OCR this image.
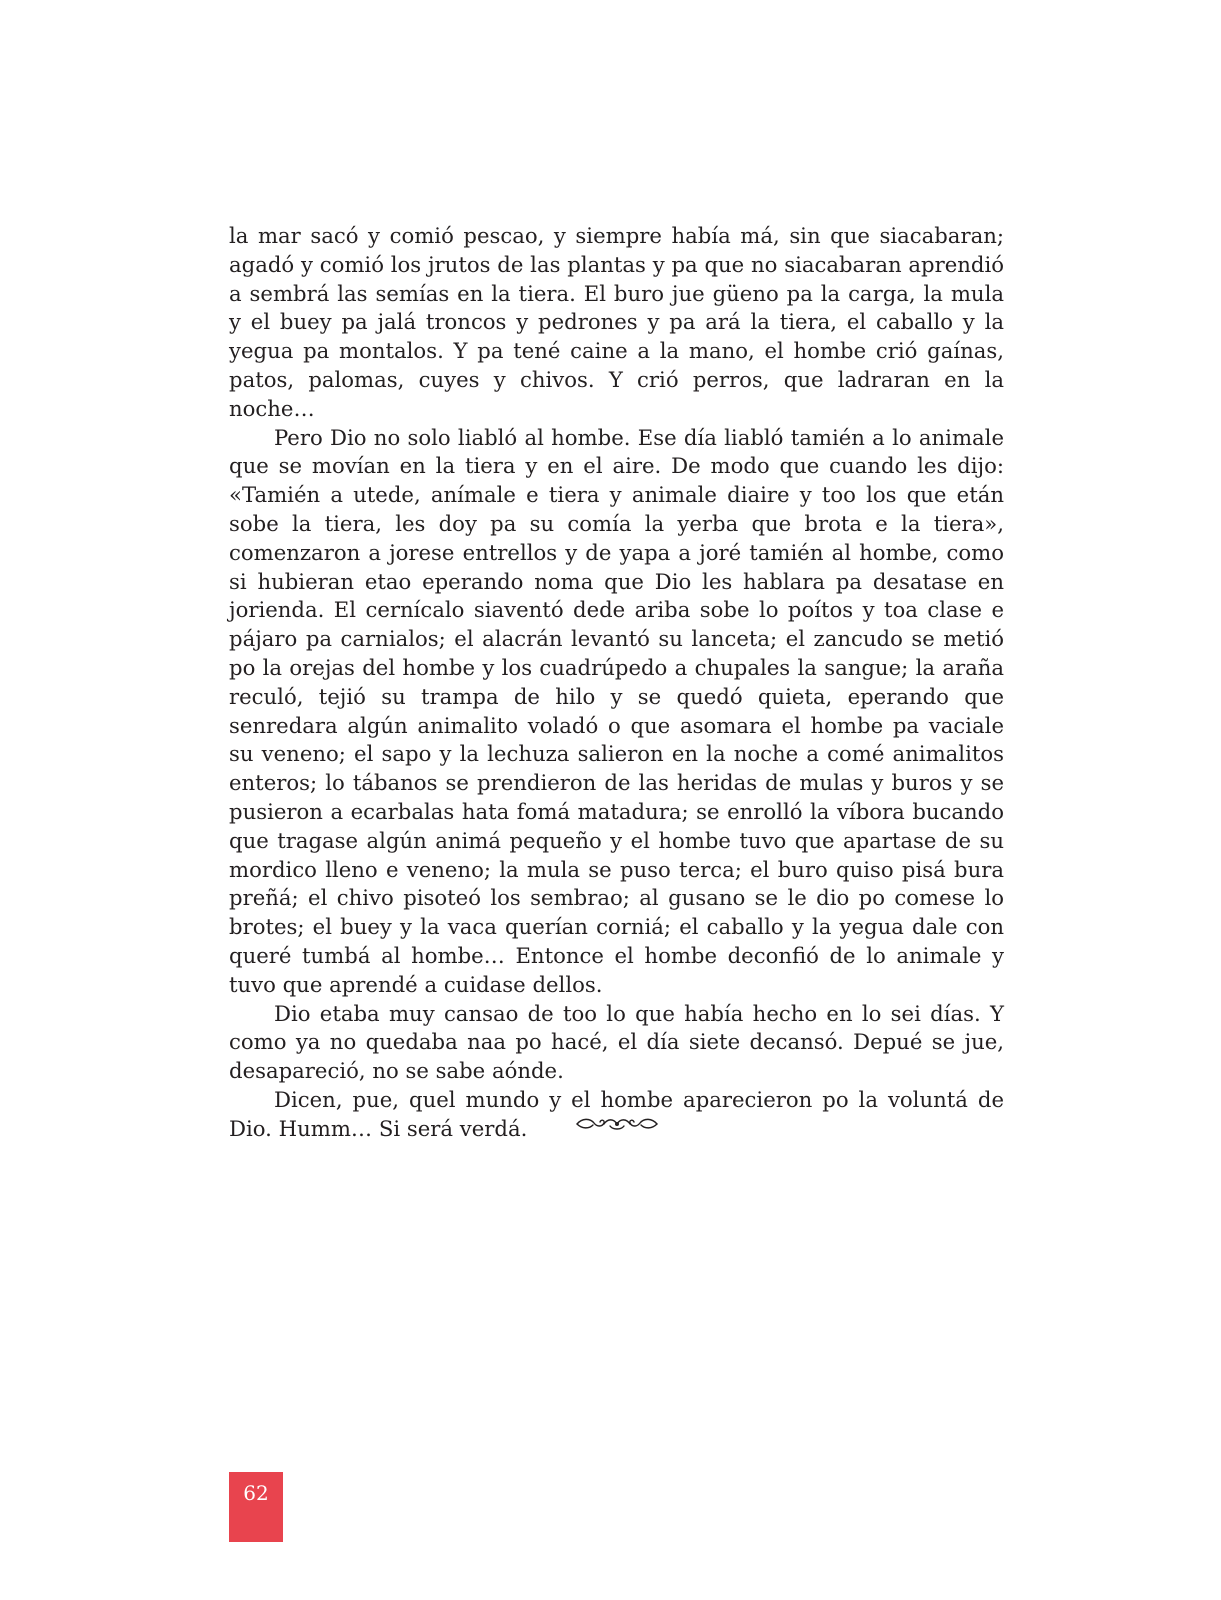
la mar sacó y comió pescao, y siempre había má, sin que siacabaran; agadó y comió los jrutos de las plantas y pa que no siacabaran aprendió a sembrá las semías en la tiera. El buro jue güeno pa la carga, la mula y el buey pa jalá troncos y pedrones y pa ará la tiera, el caballo y la yegua pa montalos. Y pa tené caine a la mano, el hombe crió gaínas, patos, palomas, cuyes y chivos. Y crió perros, que ladraran en la noche…

Pero Dio no solo liabló al hombe. Ese día liabló tamién a lo animale que se movían en la tiera y en el aire. De modo que cuando les dijo: «Tamién a utede, anímale e tiera y animale diaire y too los que etán sobe la tiera, les doy pa su comía la yerba que brota e la tiera», comenzaron a jorese entrellos y de yapa a joré tamién al hombe, como si hubieran etao eperando noma que Dio les hablara pa desatase en jorienda. El cernícalo siaventó dede ariba sobe lo poítos y toa clase e pájaro pa carnialos; el alacrán levantó su lanceta; el zancudo se metió po la orejas del hombe y los cuadrúpedo a chupales la sangue; la araña reculó, tejió su trampa de hilo y se quedó quieta, eperando que senredara algún animalito voladó o que asomara el hombe pa vaciale su veneno; el sapo y la lechuza salieron en la noche a comé animalitos enteros; lo tábanos se prendieron de las heridas de mulas y buros y se pusieron a ecarbalas hata fomá matadura; se enrolló la víbora bucando que tragase algún animá pequeño y el hombe tuvo que apartase de su mordico lleno e veneno; la mula se puso terca; el buro quiso pisá bura preñá; el chivo pisoteó los sembrao; al gusano se le dio po comese lo brotes; el buey y la vaca querían corniá; el caballo y la yegua dale con queré tumbá al hombe… Entonce el hombe deconfió de lo animale y tuvo que aprendé a cuidase dellos.

Dio etaba muy cansao de too lo que había hecho en lo sei días. Y como ya no quedaba naa po hacé, el día siete decansó. Depué se jue, desapareció, no se sabe aónde.

Dicen, pue, quel mundo y el hombe aparecieron po la voluntá de Dio. Humm… Si será verdá.

62
